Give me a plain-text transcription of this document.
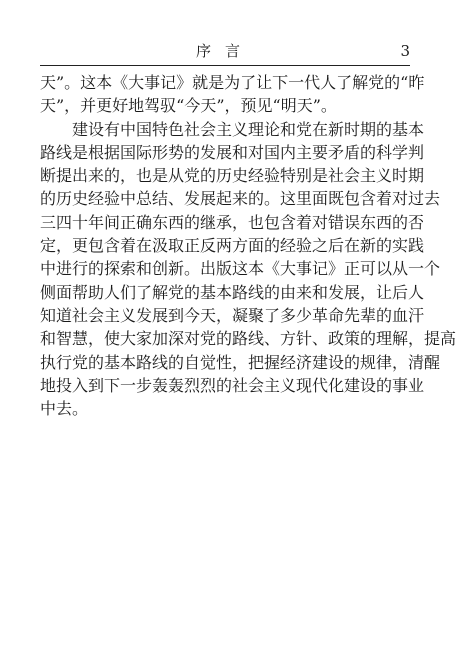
序言	3
天”。这本《大事记》就是为了让下一代人了解党的“昨
天”，并更好地驾驭“今天”，预见“明天”。
　　建设有中国特色社会主义理论和党在新时期的基本
路线是根据国际形势的发展和对国内主要矛盾的科学判
断提出来的，也是从党的历史经验特别是社会主义时期
的历史经验中总结、发展起来的。这里面既包含着对过去
三四十年间正确东西的继承，也包含着对错误东西的否
定，更包含着在汲取正反两方面的经验之后在新的实践
中进行的探索和创新。出版这本《大事记》正可以从一个
侧面帮助人们了解党的基本路线的由来和发展，让后人
知道社会主义发展到今天，凝聚了多少革命先辈的血汗
和智慧，使大家加深对党的路线、方针、政策的理解，提高
执行党的基本路线的自觉性，把握经济建设的规律，清醒
地投入到下一步轰轰烈烈的社会主义现代化建设的事业
中去。
